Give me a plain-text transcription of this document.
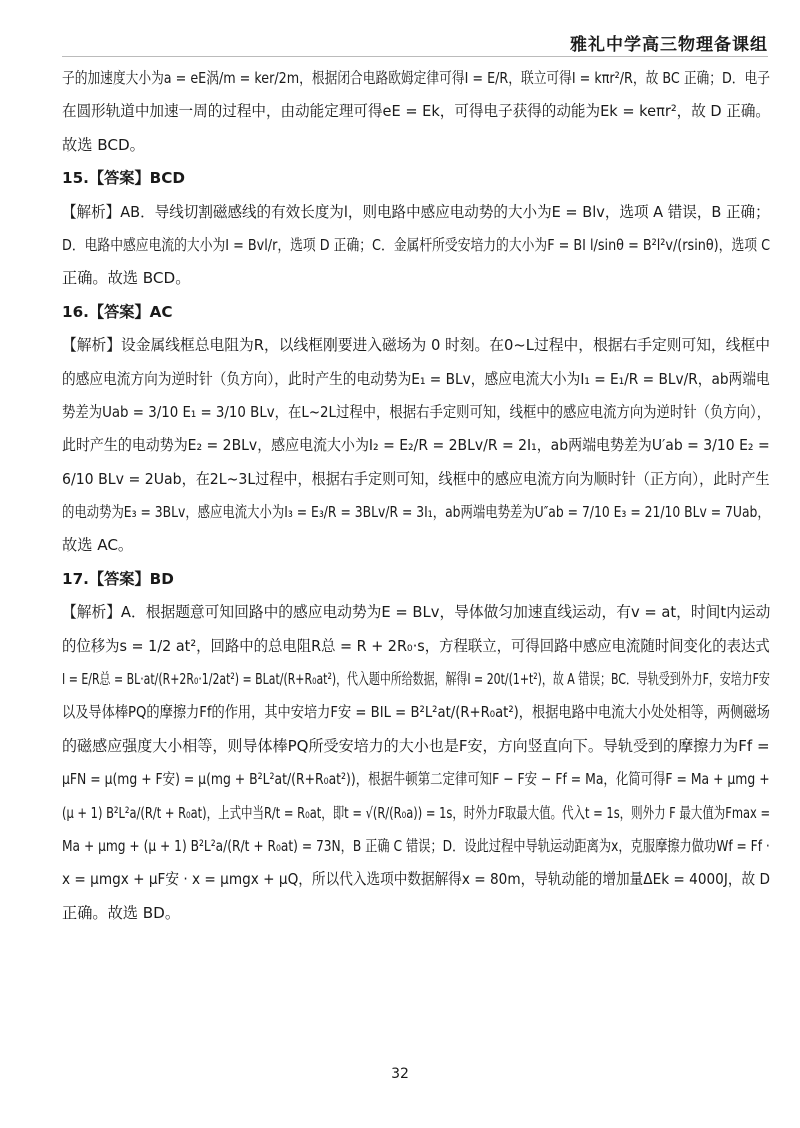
雅礼中学高三物理备课组
子的加速度大小为a = eE涡/m = ker/2m，根据闭合电路欧姆定律可得I = E/R，联立可得I = kπr²/R，故 BC 正确；D．电子
在圆形轨道中加速一周的过程中，由动能定理可得eE = Ek，可得电子获得的动能为Ek = keπr²，故 D 正确。
故选 BCD。
15.【答案】BCD
【解析】AB．导线切割磁感线的有效长度为l，则电路中感应电动势的大小为E = Blv，选项 A 错误，B 正确；
D．电路中感应电流的大小为I = Bvl/r，选项 D 正确；C．金属杆所受安培力的大小为F = BI l/sinθ = B²l²v/(rsinθ)，选项 C
正确。故选 BCD。
16.【答案】AC
【解析】设金属线框总电阻为R，以线框刚要进入磁场为 0 时刻。在0~L过程中，根据右手定则可知，线框中
的感应电流方向为逆时针（负方向），此时产生的电动势为E₁ = BLv，感应电流大小为I₁ = E₁/R = BLv/R，ab两端电
势差为Uab = 3/10 E₁ = 3/10 BLv，在L~2L过程中，根据右手定则可知，线框中的感应电流方向为逆时针（负方向），
此时产生的电动势为E₂ = 2BLv，感应电流大小为I₂ = E₂/R = 2BLv/R = 2I₁，ab两端电势差为U′ab = 3/10 E₂ =
6/10 BLv = 2Uab，在2L~3L过程中，根据右手定则可知，线框中的感应电流方向为顺时针（正方向），此时产生
的电动势为E₃ = 3BLv，感应电流大小为I₃ = E₃/R = 3BLv/R = 3I₁，ab两端电势差为U″ab = 7/10 E₃ = 21/10 BLv = 7Uab，
故选 AC。
17.【答案】BD
【解析】A．根据题意可知回路中的感应电动势为E = BLv，导体做匀加速直线运动，有v = at，时间t内运动
的位移为s = 1/2 at²，回路中的总电阻R总 = R + 2R₀·s，方程联立，可得回路中感应电流随时间变化的表达式
I = E/R总 = BL·at/(R+2R₀·1/2at²) = BLat/(R+R₀at²)，代入题中所给数据，解得I = 20t/(1+t²)，故 A 错误；BC．导轨受到外力F，安培力F安
以及导体棒PQ的摩擦力Ff的作用，其中安培力F安 = BIL = B²L²at/(R+R₀at²)，根据电路中电流大小处处相等，两侧磁场
的磁感应强度大小相等，则导体棒PQ所受安培力的大小也是F安，方向竖直向下。导轨受到的摩擦力为Ff =
μFN = μ(mg + F安) = μ(mg + B²L²at/(R+R₀at²))，根据牛顿第二定律可知F − F安 − Ff = Ma，化简可得F = Ma + μmg +
(μ + 1) B²L²a/(R/t + R₀at)，上式中当R/t = R₀at，即t = √(R/(R₀a)) = 1s，时外力F取最大值。代入t = 1s，则外力 F 最大值为Fmax =
Ma + μmg + (μ + 1) B²L²a/(R/t + R₀at) = 73N，B 正确 C 错误；D．设此过程中导轨运动距离为x，克服摩擦力做功Wf = Ff ·
x = μmgx + μF安 · x = μmgx + μQ，所以代入选项中数据解得x = 80m，导轨动能的增加量ΔEk = 4000J，故 D
正确。故选 BD。
32
